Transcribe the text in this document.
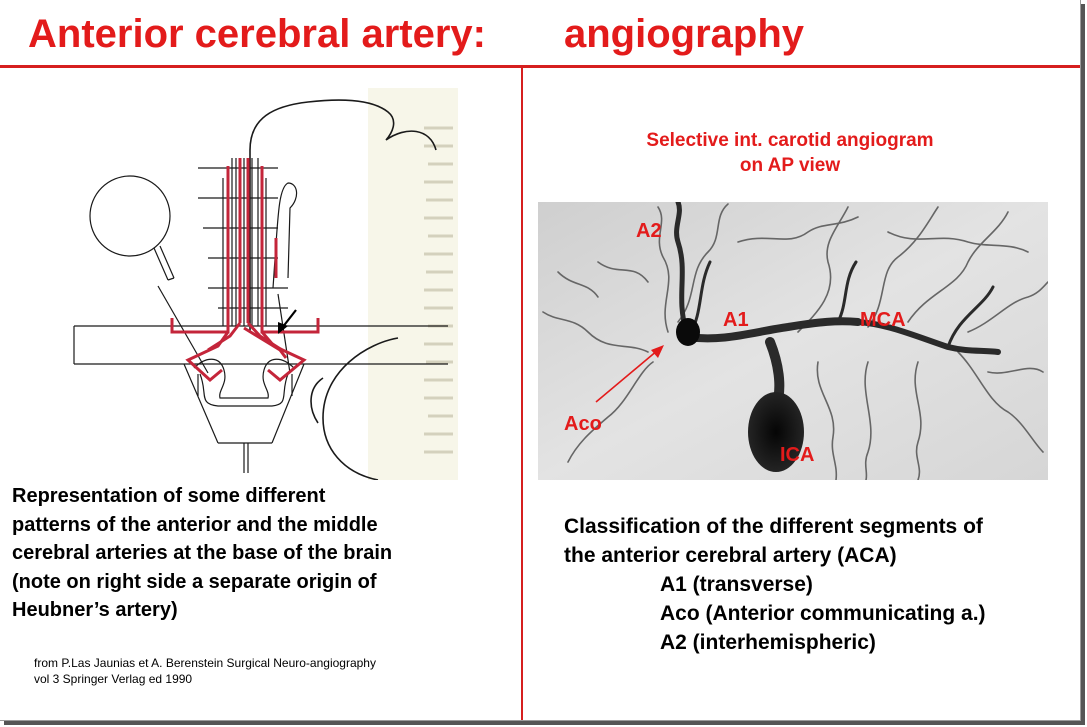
Anterior cerebral artery: angiography
Representation of some different
patterns of the anterior and the middle
cerebral arteries at the base of the brain
(note on right side a separate origin of
Heubner’s artery)
from P.Las Jaunias et A. Berenstein Surgical Neuro-angiography
vol 3 Springer Verlag ed 1990
Selective int. carotid angiogram
on AP view
A2
A1	MCA
Aco
ICA
Classification of the different segments of
the anterior cerebral artery (ACA)
A1 (transverse)
Aco (Anterior communicating a.)
A2 (interhemispheric)
